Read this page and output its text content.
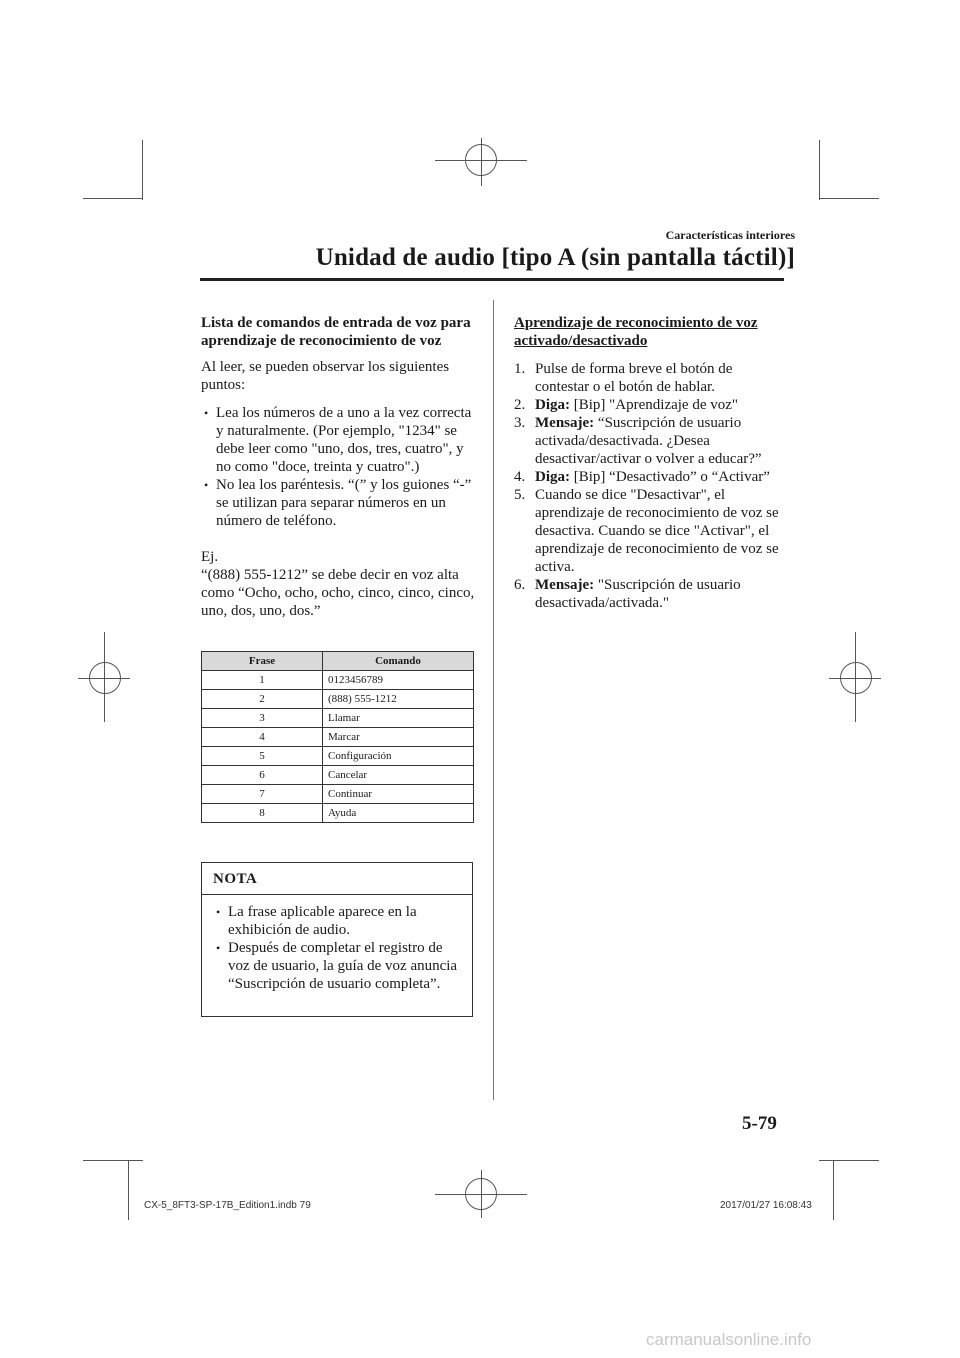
Características interiores
Unidad de audio [tipo A (sin pantalla táctil)]

Lista de comandos de entrada de voz para aprendizaje de reconocimiento de voz

Al leer, se pueden observar los siguientes puntos:

• Lea los números de a uno a la vez correcta y naturalmente. (Por ejemplo, "1234" se debe leer como "uno, dos, tres, cuatro", y no como "doce, treinta y cuatro".)

• No lea los paréntesis. “(” y los guiones “-” se utilizan para separar números en un número de teléfono.

Ej.
“(888) 555-1212” se debe decir en voz alta como “Ocho, ocho, ocho, cinco, cinco, cinco, uno, dos, uno, dos.”
Frase	Comando
1	0123456789
2	(888) 555-1212
3	Llamar
4	Marcar
5	Configuración
6	Cancelar
7	Continuar
8	Ayuda
NOTA

• La frase aplicable aparece en la exhibición de audio.

• Después de completar el registro de voz de usuario, la guía de voz anuncia “Suscripción de usuario completa”.

Aprendizaje de reconocimiento de voz activado/desactivado

1. Pulse de forma breve el botón de contestar o el botón de hablar.

2. Diga: [Bip] "Aprendizaje de voz"

3. Mensaje: “Suscripción de usuario activada/desactivada. ¿Desea desactivar/activar o volver a educar?”

4. Diga: [Bip] “Desactivado” o “Activar”

5. Cuando se dice "Desactivar", el aprendizaje de reconocimiento de voz se desactiva. Cuando se dice "Activar", el aprendizaje de reconocimiento de voz se activa.

6. Mensaje: "Suscripción de usuario desactivada/activada."

5-79
CX-5_8FT3-SP-17B_Edition1.indb 79	2017/01/27 16:08:43
carmanualsonline.info
